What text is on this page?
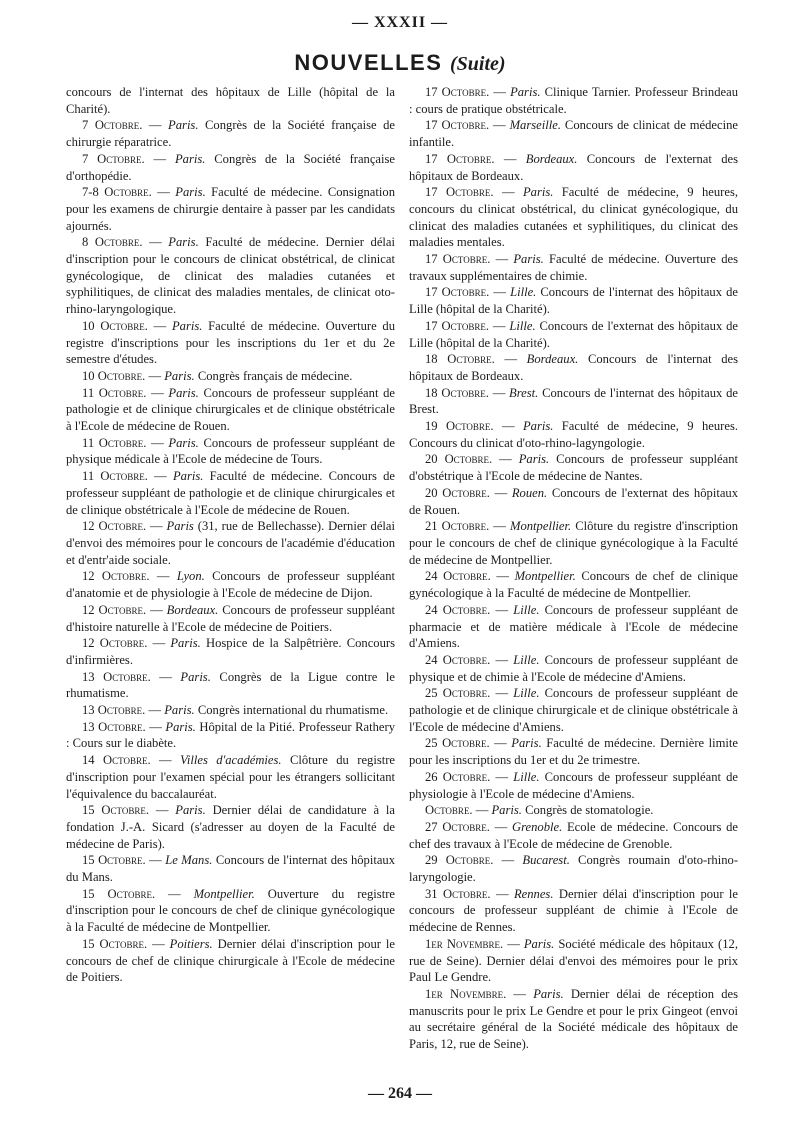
— XXXII —
NOUVELLES (Suite)

concours de l'internat des hôpitaux de Lille (hôpital de la Charité).

7 Octobre. — Paris. Congrès de la Société française de chirurgie réparatrice.

7 Octobre. — Paris. Congrès de la Société française d'orthopédie.

7-8 Octobre. — Paris. Faculté de médecine. Consignation pour les examens de chirurgie dentaire à passer par les candidats ajournés.

8 Octobre. — Paris. Faculté de médecine. Dernier délai d'inscription pour le concours de clinicat obstétrical, de clinicat gynécologique, de clinicat des maladies cutanées et syphilitiques, de clinicat des maladies mentales, de clinicat oto-rhino-laryngologique.

10 Octobre. — Paris. Faculté de médecine. Ouverture du registre d'inscriptions pour les inscriptions du 1er et du 2e semestre d'études.

10 Octobre. — Paris. Congrès français de médecine.

11 Octobre. — Paris. Concours de professeur suppléant de pathologie et de clinique chirurgicales et de clinique obstétricale à l'Ecole de médecine de Rouen.

11 Octobre. — Paris. Concours de professeur suppléant de physique médicale à l'Ecole de médecine de Tours.

11 Octobre. — Paris. Faculté de médecine. Concours de professeur suppléant de pathologie et de clinique chirurgicales et de clinique obstétricale à l'Ecole de médecine de Rouen.

12 Octobre. — Paris (31, rue de Bellechasse). Dernier délai d'envoi des mémoires pour le concours de l'académie d'éducation et d'entr'aide sociale.

12 Octobre. — Lyon. Concours de professeur suppléant d'anatomie et de physiologie à l'Ecole de médecine de Dijon.

12 Octobre. — Bordeaux. Concours de professeur suppléant d'histoire naturelle à l'Ecole de médecine de Poitiers.

12 Octobre. — Paris. Hospice de la Salpêtrière. Concours d'infirmières.

13 Octobre. — Paris. Congrès de la Ligue contre le rhumatisme.

13 Octobre. — Paris. Congrès international du rhumatisme.

13 Octobre. — Paris. Hôpital de la Pitié. Professeur Rathery : Cours sur le diabète.

14 Octobre. — Villes d'académies. Clôture du registre d'inscription pour l'examen spécial pour les étrangers sollicitant l'équivalence du baccalauréat.

15 Octobre. — Paris. Dernier délai de candidature à la fondation J.-A. Sicard (s'adresser au doyen de la Faculté de médecine de Paris).

15 Octobre. — Le Mans. Concours de l'internat des hôpitaux du Mans.

15 Octobre. — Montpellier. Ouverture du registre d'inscription pour le concours de chef de clinique gynécologique à la Faculté de médecine de Montpellier.

15 Octobre. — Poitiers. Dernier délai d'inscription pour le concours de chef de clinique chirurgicale à l'Ecole de médecine de Poitiers.

17 Octobre. — Paris. Clinique Tarnier. Professeur Brindeau : cours de pratique obstétricale.

17 Octobre. — Marseille. Concours de clinicat de médecine infantile.

17 Octobre. — Bordeaux. Concours de l'externat des hôpitaux de Bordeaux.

17 Octobre. — Paris. Faculté de médecine, 9 heures, concours du clinicat obstétrical, du clinicat gynécologique, du clinicat des maladies cutanées et syphilitiques, du clinicat des maladies mentales.

17 Octobre. — Paris. Faculté de médecine. Ouverture des travaux supplémentaires de chimie.

17 Octobre. — Lille. Concours de l'internat des hôpitaux de Lille (hôpital de la Charité).

17 Octobre. — Lille. Concours de l'externat des hôpitaux de Lille (hôpital de la Charité).

18 Octobre. — Bordeaux. Concours de l'internat des hôpitaux de Bordeaux.

18 Octobre. — Brest. Concours de l'internat des hôpitaux de Brest.

19 Octobre. — Paris. Faculté de médecine, 9 heures. Concours du clinicat d'oto-rhino-lagyngologie.

20 Octobre. — Paris. Concours de professeur suppléant d'obstétrique à l'Ecole de médecine de Nantes.

20 Octobre. — Rouen. Concours de l'externat des hôpitaux de Rouen.

21 Octobre. — Montpellier. Clôture du registre d'inscription pour le concours de chef de clinique gynécologique à la Faculté de médecine de Montpellier.

24 Octobre. — Montpellier. Concours de chef de clinique gynécologique à la Faculté de médecine de Montpellier.

24 Octobre. — Lille. Concours de professeur suppléant de pharmacie et de matière médicale à l'Ecole de médecine d'Amiens.

24 Octobre. — Lille. Concours de professeur suppléant de physique et de chimie à l'Ecole de médecine d'Amiens.

25 Octobre. — Lille. Concours de professeur suppléant de pathologie et de clinique chirurgicale et de clinique obstétricale à l'Ecole de médecine d'Amiens.

25 Octobre. — Paris. Faculté de médecine. Dernière limite pour les inscriptions du 1er et du 2e trimestre.

26 Octobre. — Lille. Concours de professeur suppléant de physiologie à l'Ecole de médecine d'Amiens.

Octobre. — Paris. Congrès de stomatologie.

27 Octobre. — Grenoble. Ecole de médecine. Concours de chef des travaux à l'Ecole de médecine de Grenoble.

29 Octobre. — Bucarest. Congrès roumain d'oto-rhino-laryngologie.

31 Octobre. — Rennes. Dernier délai d'inscription pour le concours de professeur suppléant de chimie à l'Ecole de médecine de Rennes.

1er Novembre. — Paris. Société médicale des hôpitaux (12, rue de Seine). Dernier délai d'envoi des mémoires pour le prix Paul Le Gendre.

1er Novembre. — Paris. Dernier délai de réception des manuscrits pour le prix Le Gendre et pour le prix Gingeot (envoi au secrétaire général de la Société médicale des hôpitaux de Paris, 12, rue de Seine).

— 264 —
